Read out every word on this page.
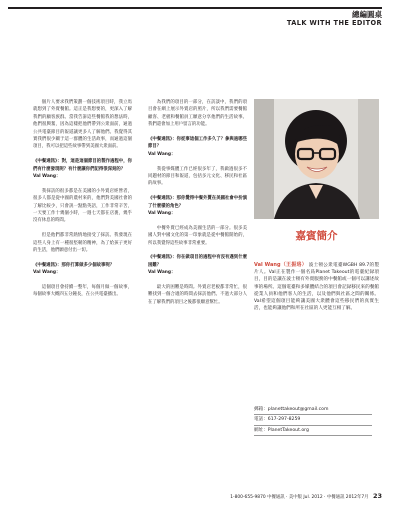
總編圓桌
TALK WITH THE EDITOR

個片人要求我們策劃一個技術項目時，我立馬就想到了外賣餐館。這正是我想要的，更深入了解我們的顧客族群。當我告訴這些餐館我的想法時，他們很興奮，因為這樣把他們帶到公衆面前，通過公共電臺節目的報道讓更多人了解他們。我覺得其實我們很少關于這一群體的生活故事，而通過這個項目，我可以把這些故事帶到美國大衆面前。

《中餐通訊》：對，這是這個節目的製作過程中，你們有什麼發現呢？有什麼讓你們記得很深刻的？
Val Wang：

我採訪的很多都是在美國的小外賣店經營者，很多人都是從中國的農村來的，他們對美國社會的了解比較少，只會説一點點英語，工作非常辛苦，一天要工作十幾個小時，一週七天都在店裏，幾乎沒有休息的時間。

但是他們都非常熱情地接受了採訪。我發現在這些人身上有一種很堅韌的精神，為了給孩子更好的生活，他們願意付出一切。

《中餐通訊》：那你打算做多少個故事呢？
Val Wang：

這個項目會持續一整年，每個月做一個故事，每個故事大概四五分鐘長，在公共電臺播出。

為我們的項目的一部分，在訪談中，我們的項目會在網上展示外賣店的照片，所以我們需要餐館顧客、老板和餐館員工願意分享他們的生活故事。我們還會加上用戶留言的功能。

《中餐通訊》：你從事這個工作多久了？參與過哪些節目？
Val Wang：

我從事媒體工作已經很多年了，我做過很多不同題材的節目和報道，包括多元文化、移民和社區的故事。

《中餐通訊》：那你覺得中餐外賣在美國社會中扮演了什麼樣的角色？
Val Wang：

中餐外賣已經成為美國生活的一部分。很多美國人對中國文化的第一印象就是從中餐館開始的，所以我覺得這些故事非常重要。

《中餐通訊》：你在做項目的過程中有沒有遇到什麼困難？
Val Wang：

最大的困難是時間。外賣店老板都非常忙，很難找到一個合適的時間去採訪他們。不過大部分人在了解我們的項目之後都很願意幫忙。

嘉賓簡介
Val Wang（王振珞） 波士頓公衆電臺WGBH 89.7的製片人。Val正在製作一個名爲Planet Takeout的電臺紀録項目，目的是讓在波士頓有外賣服務的中餐館或一個可以講述故事的場所。這個電臺和多媒體結合的項目會記録移民來的餐館從業人員和他們客人的生活，以及他們與社區之間的關係。Val希望這個項目能夠讓美國大衆體會這些移民們的真實生活，也能夠讓他們和所在社區的人更能互相了解。
郵箱：planettakeout@gmail.com
電話：617-297-8259
網址：PlanetTakeout.org
1-800-655-9870 中餐通訊 · 美中版 Jul. 2012 · 中餐通訊 2012年7月 23
